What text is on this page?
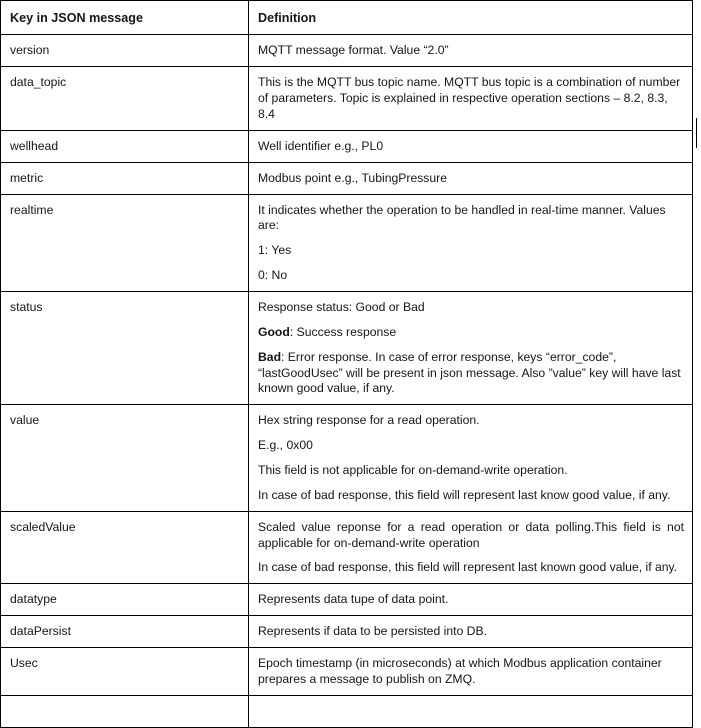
Key in JSON message	Definition
version	MQTT message format. Value “2.0”

data_topic	This is the MQTT bus topic name. MQTT bus topic is a combination of number of parameters. Topic is explained in respective operation sections – 8.2, 8.3, 8.4

wellhead	Well identifier e.g., PL0

metric	Modbus point e.g., TubingPressure

realtime	It indicates whether the operation to be handled in real-time manner. Values are:

1: Yes

0: No

status	Response status: Good or Bad

Good: Success response

Bad: Error response. In case of error response, keys “error_code”, “lastGoodUsec” will be present in json message. Also ”value” key will have last known good value, if any.

value	Hex string response for a read operation.

E.g., 0x00

This field is not applicable for on-demand-write operation.

In case of bad response, this field will represent last know good value, if any.

scaledValue	Scaled value reponse for a read operation or data polling.This field is not applicable for on-demand-write operation

In case of bad response, this field will represent last known good value, if any.

datatype	Represents data tupe of data point.

dataPersist	Represents if data to be persisted into DB.

Usec	Epoch timestamp (in microseconds) at which Modbus application container prepares a message to publish on ZMQ.
